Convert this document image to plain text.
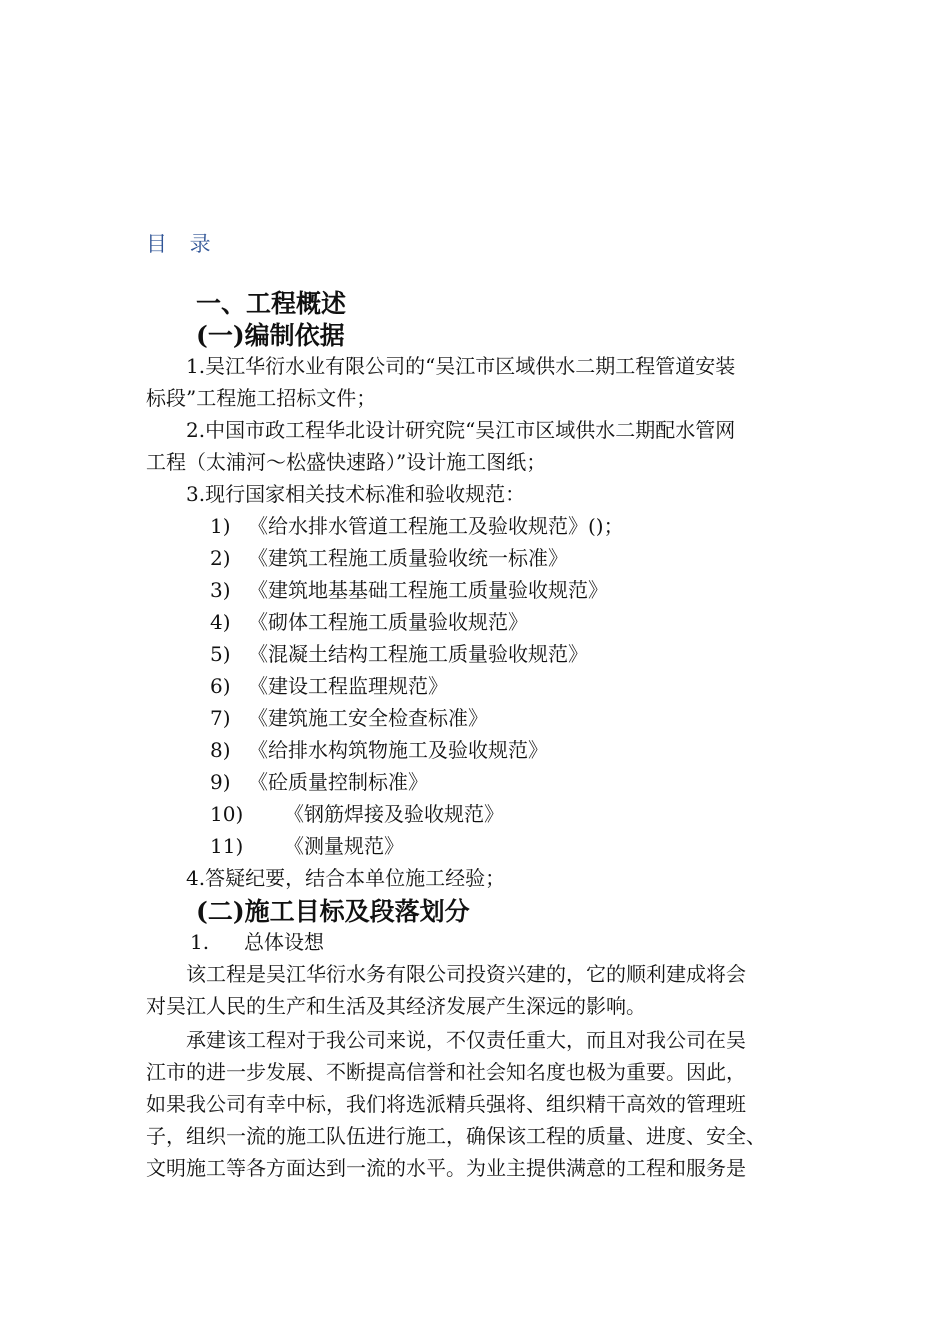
目 录
一、工程概述
(一)编制依据
1.吴江华衍水业有限公司的“吴江市区域供水二期工程管道安装
标段”工程施工招标文件；
2.中国市政工程华北设计研究院“吴江市区域供水二期配水管网
工程（太浦河～松盛快速路）”设计施工图纸；
3.现行国家相关技术标准和验收规范：
1) 《给水排水管道工程施工及验收规范》()；
2) 《建筑工程施工质量验收统一标准》
3) 《建筑地基基础工程施工质量验收规范》
4) 《砌体工程施工质量验收规范》
5) 《混凝土结构工程施工质量验收规范》
6) 《建设工程监理规范》
7) 《建筑施工安全检查标准》
8) 《给排水构筑物施工及验收规范》
9) 《砼质量控制标准》
10) 《钢筋焊接及验收规范》
11) 《测量规范》
4.答疑纪要，结合本单位施工经验；
(二)施工目标及段落划分
1. 总体设想
该工程是吴江华衍水务有限公司投资兴建的，它的顺利建成将会
对吴江人民的生产和生活及其经济发展产生深远的影响。
承建该工程对于我公司来说，不仅责任重大，而且对我公司在吴
江市的进一步发展、不断提高信誉和社会知名度也极为重要。因此，
如果我公司有幸中标，我们将选派精兵强将、组织精干高效的管理班
子，组织一流的施工队伍进行施工，确保该工程的质量、进度、安全、
文明施工等各方面达到一流的水平。为业主提供满意的工程和服务是
